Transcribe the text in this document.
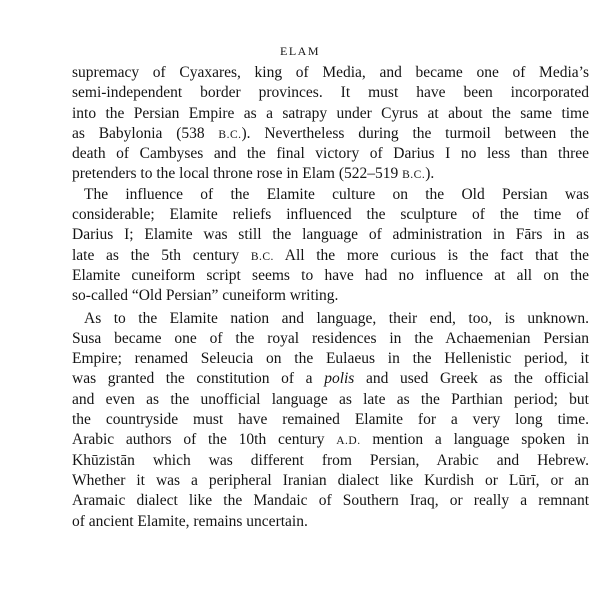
ELAM
supremacy of Cyaxares, king of Media, and became one of Media’s
semi-independent border provinces. It must have been incorporated
into the Persian Empire as a satrapy under Cyrus at about the same time
as Babylonia (538 B.C.). Nevertheless during the turmoil between the
death of Cambyses and the final victory of Darius I no less than three
pretenders to the local throne rose in Elam (522–519 B.C.).
The influence of the Elamite culture on the Old Persian was
considerable; Elamite reliefs influenced the sculpture of the time of
Darius I; Elamite was still the language of administration in Fārs in as
late as the 5th century B.C. All the more curious is the fact that the
Elamite cuneiform script seems to have had no influence at all on the
so-called “Old Persian” cuneiform writing.
As to the Elamite nation and language, their end, too, is unknown.
Susa became one of the royal residences in the Achaemenian Persian
Empire; renamed Seleucia on the Eulaeus in the Hellenistic period, it
was granted the constitution of a polis and used Greek as the official
and even as the unofficial language as late as the Parthian period; but
the countryside must have remained Elamite for a very long time.
Arabic authors of the 10th century A.D. mention a language spoken in
Khūzistān which was different from Persian, Arabic and Hebrew.
Whether it was a peripheral Iranian dialect like Kurdish or Lūrī, or an
Aramaic dialect like the Mandaic of Southern Iraq, or really a remnant
of ancient Elamite, remains uncertain.
